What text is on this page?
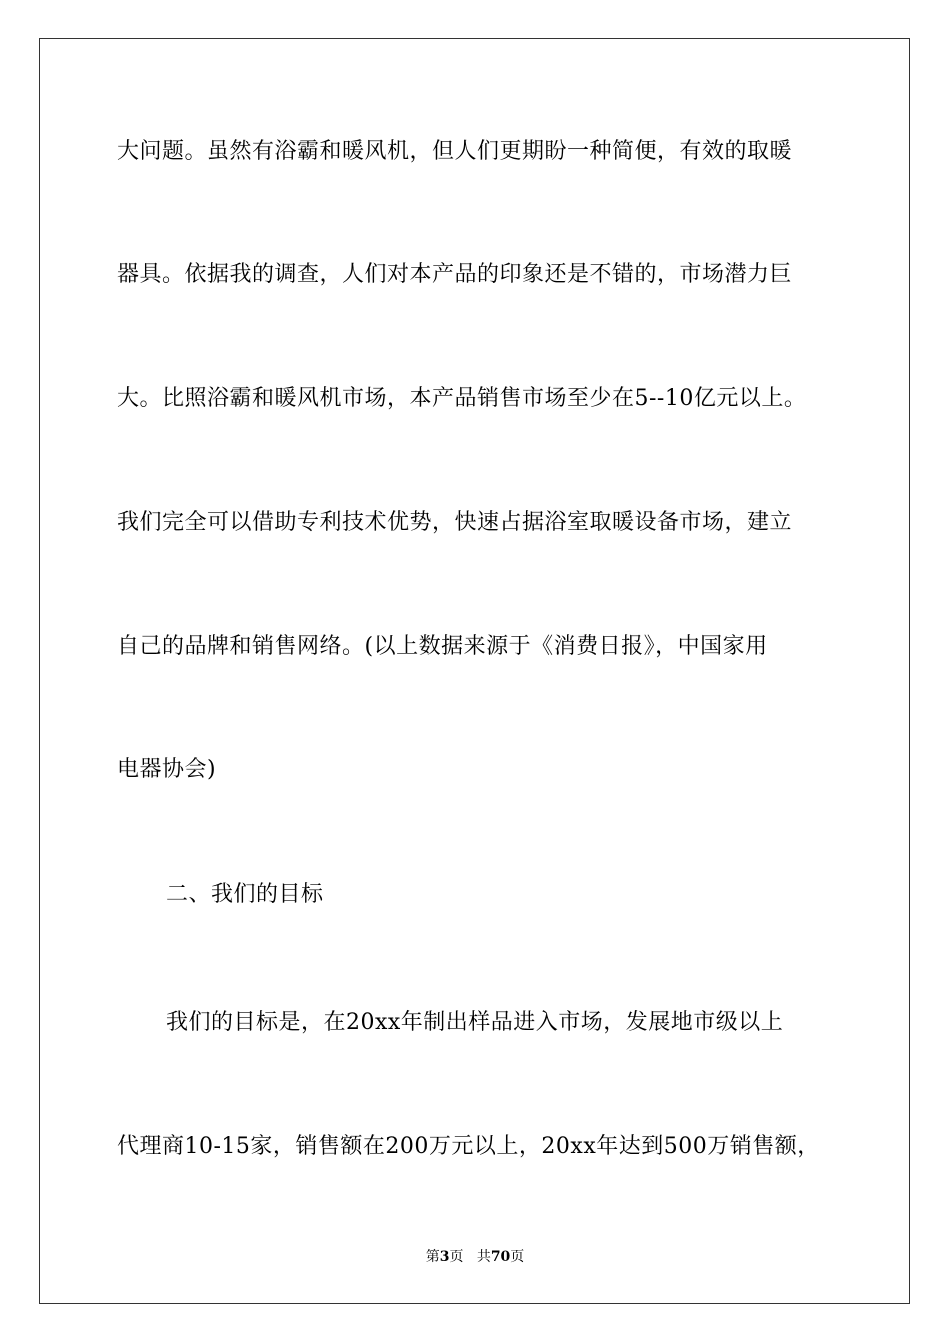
大问题。虽然有浴霸和暖风机，但人们更期盼一种简便，有效的取暖
器具。依据我的调查，人们对本产品的印象还是不错的，市场潜力巨
大。比照浴霸和暖风机市场，本产品销售市场至少在5--10亿元以上。
我们完全可以借助专利技术优势，快速占据浴室取暖设备市场，建立
自己的品牌和销售网络。(以上数据来源于《消费日报》，中国家用
电器协会)
二、我们的目标
我们的目标是，在20xx年制出样品进入市场，发展地市级以上
代理商10-15家，销售额在200万元以上，20xx年达到500万销售额，
第3页 共70页
